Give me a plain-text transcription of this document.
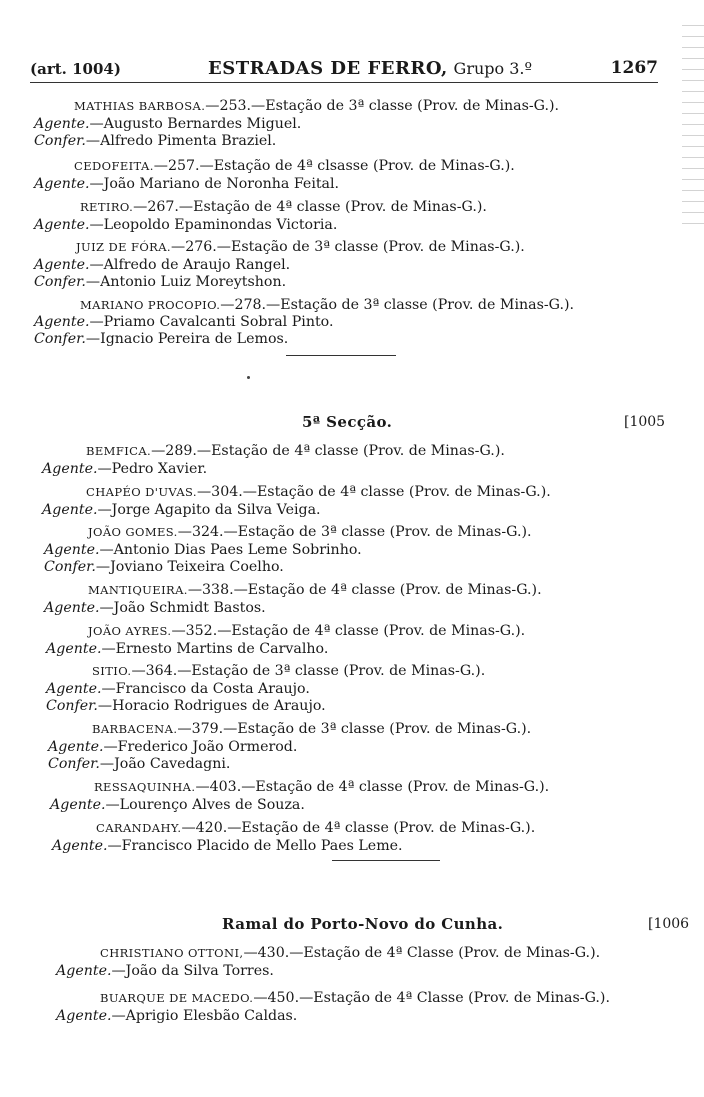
(art. 1004)	ESTRADAS DE FERRO, Grupo 3.º	1267
MATHIAS BARBOSA.—253.—Estação de 3ª classe (Prov. de Minas-G.).
Agente.—Augusto Bernardes Miguel.
Confer.—Alfredo Pimenta Braziel.
CEDOFEITA.—257.—Estação de 4ª clsasse (Prov. de Minas-G.).
Agente.—João Mariano de Noronha Feital.
RETIRO.—267.—Estação de 4ª classe (Prov. de Minas-G.).
Agente.—Leopoldo Epaminondas Victoria.
JUIZ DE FÓRA.—276.—Estação de 3ª classe (Prov. de Minas-G.).
Agente.—Alfredo de Araujo Rangel.
Confer.—Antonio Luiz Moreytshon.
MARIANO PROCOPIO.—278.—Estação de 3ª classe (Prov. de Minas-G.).
Agente.—Priamo Cavalcanti Sobral Pinto.
Confer.—Ignacio Pereira de Lemos.
5ª Secção.	[1005
BEMFICA.—289.—Estação de 4ª classe (Prov. de Minas-G.).
Agente.—Pedro Xavier.
CHAPÉO D'UVAS.—304.—Estação de 4ª classe (Prov. de Minas-G.).
Agente.—Jorge Agapito da Silva Veiga.
JOÃO GOMES.—324.—Estação de 3ª classe (Prov. de Minas-G.).
Agente.—Antonio Dias Paes Leme Sobrinho.
Confer.—Joviano Teixeira Coelho.
MANTIQUEIRA.—338.—Estação de 4ª classe (Prov. de Minas-G.).
Agente.—João Schmidt Bastos.
JOÃO AYRES.—352.—Estação de 4ª classe (Prov. de Minas-G.).
Agente.—Ernesto Martins de Carvalho.
SITIO.—364.—Estação de 3ª classe (Prov. de Minas-G.).
Agente.—Francisco da Costa Araujo.
Confer.—Horacio Rodrigues de Araujo.
BARBACENA.—379.—Estação de 3ª classe (Prov. de Minas-G.).
Agente.—Frederico João Ormerod.
Confer.—João Cavedagni.
RESSAQUINHA.—403.—Estação de 4ª classe (Prov. de Minas-G.).
Agente.—Lourenço Alves de Souza.
CARANDAHY.—420.—Estação de 4ª classe (Prov. de Minas-G.).
Agente.—Francisco Placido de Mello Paes Leme.
Ramal do Porto-Novo do Cunha.	[1006
CHRISTIANO OTTONI,—430.—Estação de 4ª Classe (Prov. de Minas-G.).
Agente.—João da Silva Torres.
BUARQUE DE MACEDO.—450.—Estação de 4ª Classe (Prov. de Minas-G.).
Agente.—Aprigio Elesbão Caldas.
